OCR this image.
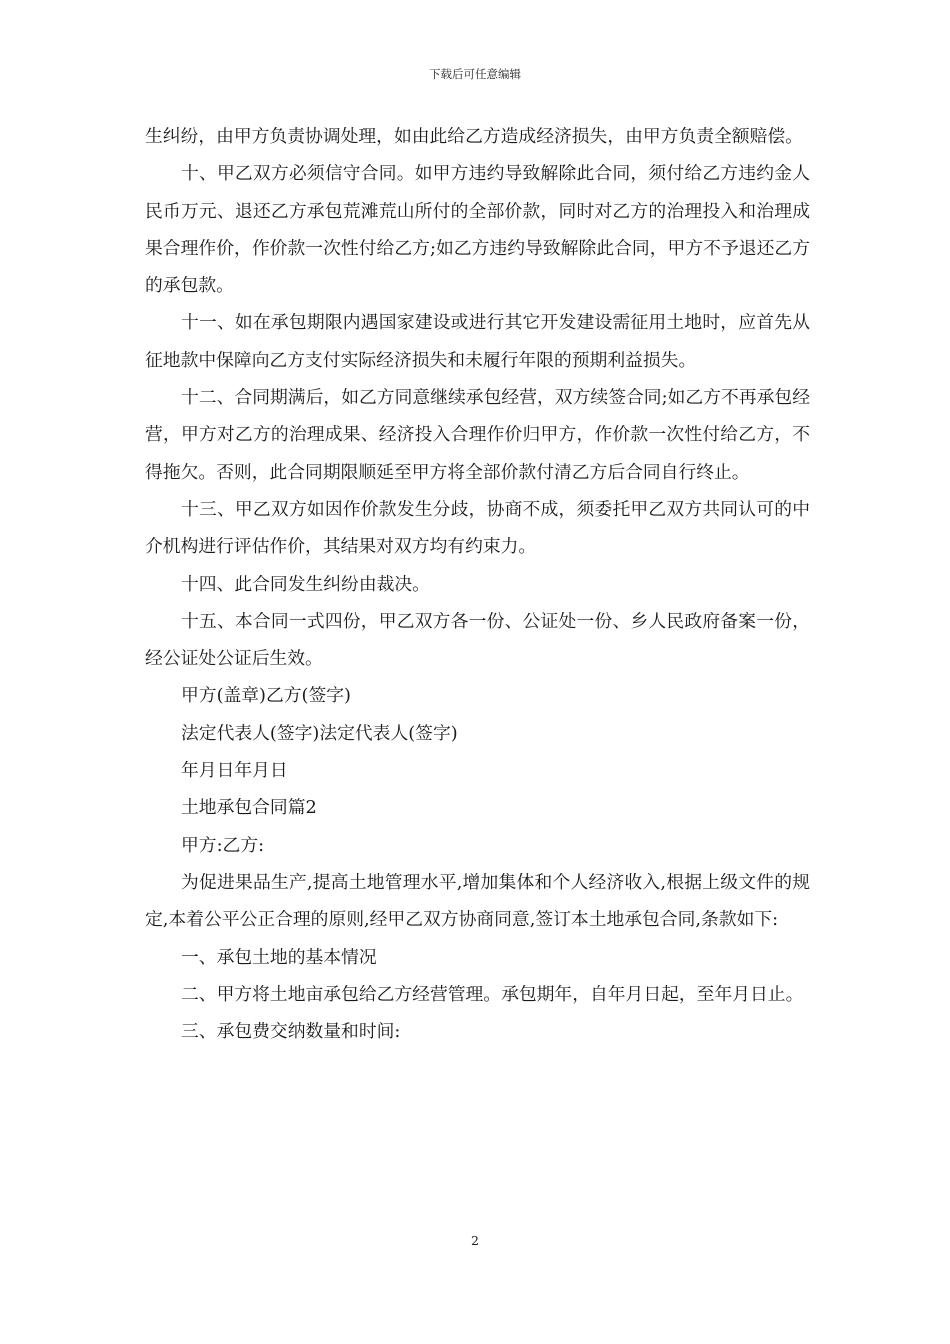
下载后可任意编辑

生纠纷，由甲方负责协调处理，如由此给乙方造成经济损失，由甲方负责全额赔偿。

十、甲乙双方必须信守合同。如甲方违约导致解除此合同，须付给乙方违约金人民币万元、退还乙方承包荒滩荒山所付的全部价款，同时对乙方的治理投入和治理成果合理作价，作价款一次性付给乙方;如乙方违约导致解除此合同，甲方不予退还乙方的承包款。

十一、如在承包期限内遇国家建设或进行其它开发建设需征用土地时，应首先从征地款中保障向乙方支付实际经济损失和未履行年限的预期利益损失。

十二、合同期满后，如乙方同意继续承包经营，双方续签合同;如乙方不再承包经营，甲方对乙方的治理成果、经济投入合理作价归甲方，作价款一次性付给乙方，不得拖欠。否则，此合同期限顺延至甲方将全部价款付清乙方后合同自行终止。

十三、甲乙双方如因作价款发生分歧，协商不成，须委托甲乙双方共同认可的中介机构进行评估作价，其结果对双方均有约束力。

十四、此合同发生纠纷由裁决。

十五、本合同一式四份，甲乙双方各一份、公证处一份、乡人民政府备案一份，经公证处公证后生效。

甲方(盖章)乙方(签字)

法定代表人(签字)法定代表人(签字)

年月日年月日

土地承包合同篇2

甲方:乙方:

为促进果品生产,提高土地管理水平,增加集体和个人经济收入,根据上级文件的规定,本着公平公正合理的原则,经甲乙双方协商同意,签订本土地承包合同,条款如下:

一、承包土地的基本情况

二、甲方将土地亩承包给乙方经营管理。承包期年，自年月日起，至年月日止。

三、承包费交纳数量和时间:

2
